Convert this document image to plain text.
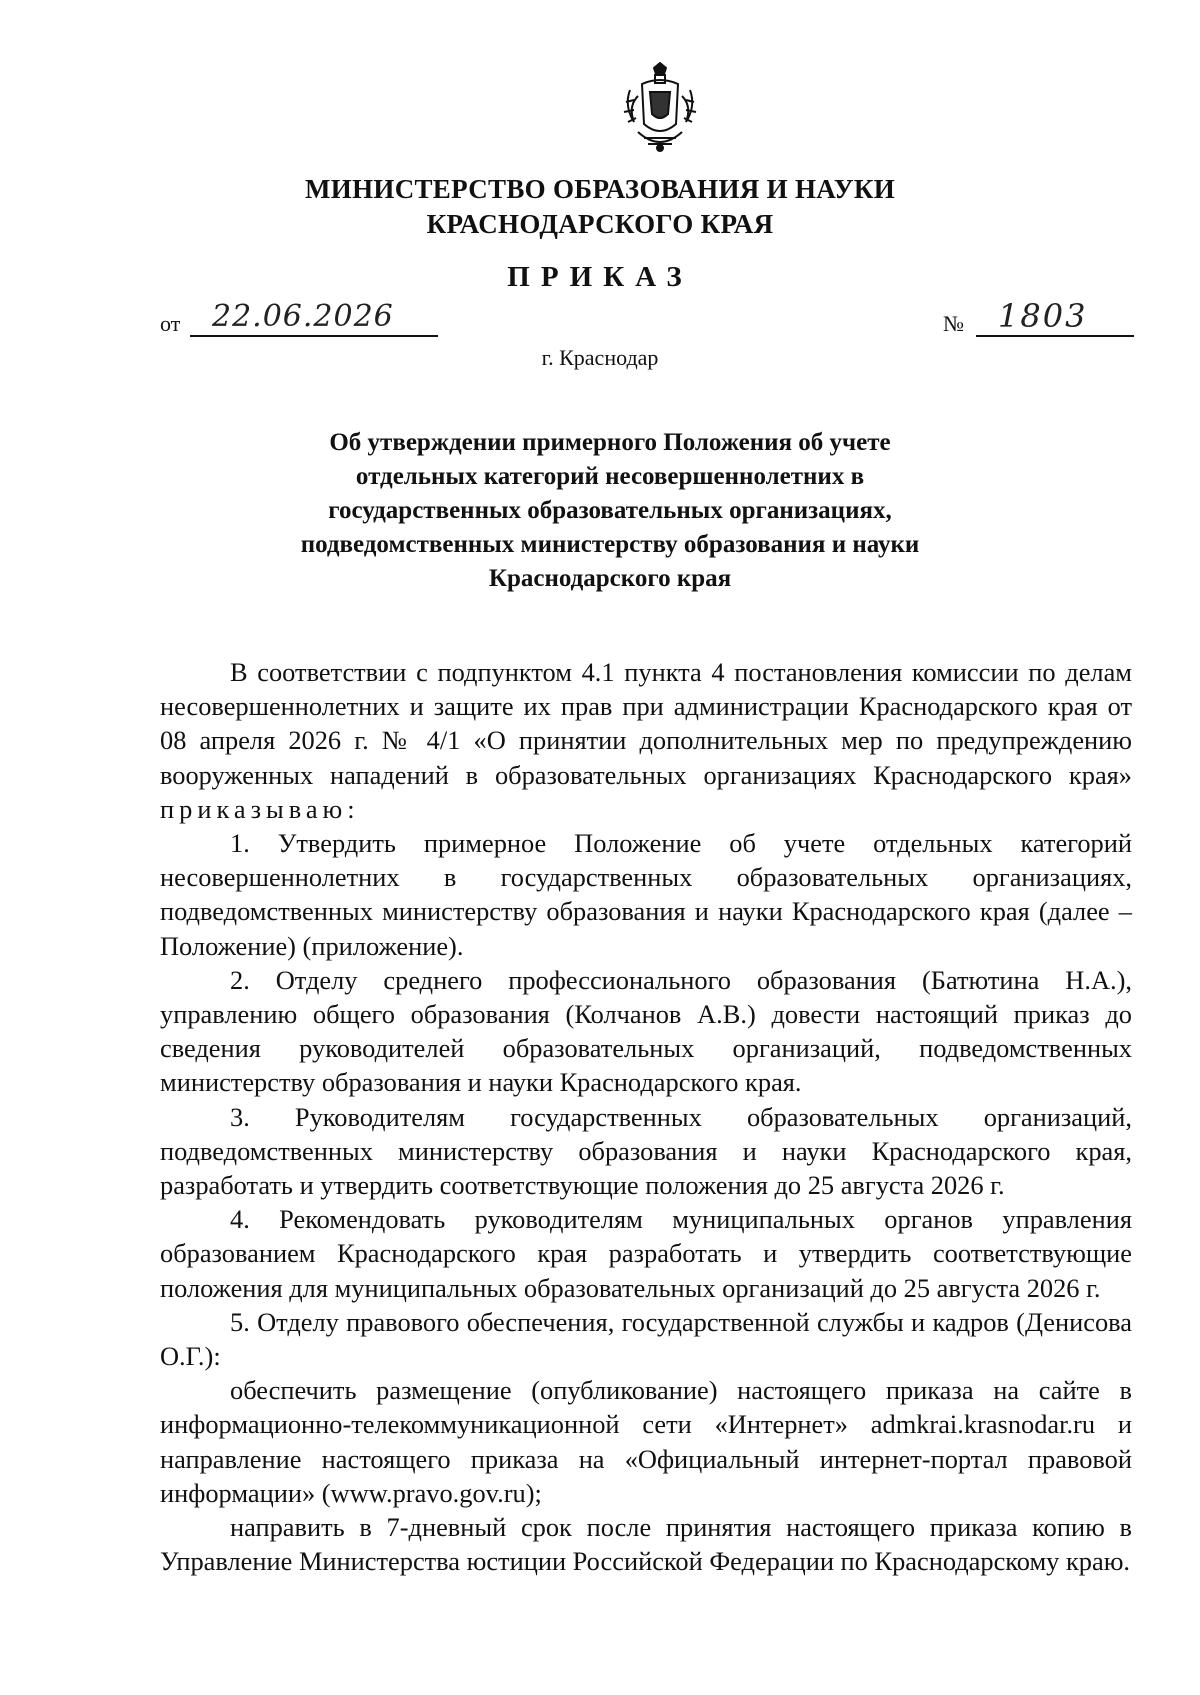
МИНИСТЕРСТВО ОБРАЗОВАНИЯ И НАУКИ
КРАСНОДАРСКОГО КРАЯ
ПРИКАЗ
от 22.06.2026	№ 1803
г. Краснодар
Об утверждении примерного Положения об учете
отдельных категорий несовершеннолетних в
государственных образовательных организациях,
подведомственных министерству образования и науки
Краснодарского края

В соответствии с подпунктом 4.1 пункта 4 постановления комиссии по делам несовершеннолетних и защите их прав при администрации Краснодарского края от 08 апреля 2026 г. № 4/1 «О принятии дополнительных мер по предупреждению вооруженных нападений в образовательных организациях Краснодарского края» приказываю:

1. Утвердить примерное Положение об учете отдельных категорий несовершеннолетних в государственных образовательных организациях, подведомственных министерству образования и науки Краснодарского края (далее – Положение) (приложение).

2. Отделу среднего профессионального образования (Батютина Н.А.), управлению общего образования (Колчанов А.В.) довести настоящий приказ до сведения руководителей образовательных организаций, подведомственных министерству образования и науки Краснодарского края.

3. Руководителям государственных образовательных организаций, подведомственных министерству образования и науки Краснодарского края, разработать и утвердить соответствующие положения до 25 августа 2026 г.

4. Рекомендовать руководителям муниципальных органов управления образованием Краснодарского края разработать и утвердить соответствующие положения для муниципальных образовательных организаций до 25 августа 2026 г.

5. Отделу правового обеспечения, государственной службы и кадров (Денисова О.Г.):

обеспечить размещение (опубликование) настоящего приказа на сайте в информационно-телекоммуникационной сети «Интернет» admkrai.krasnodar.ru и направление настоящего приказа на «Официальный интернет-портал правовой информации» (www.pravo.gov.ru);

направить в 7-дневный срок после принятия настоящего приказа копию в Управление Министерства юстиции Российской Федерации по Краснодарскому краю.
